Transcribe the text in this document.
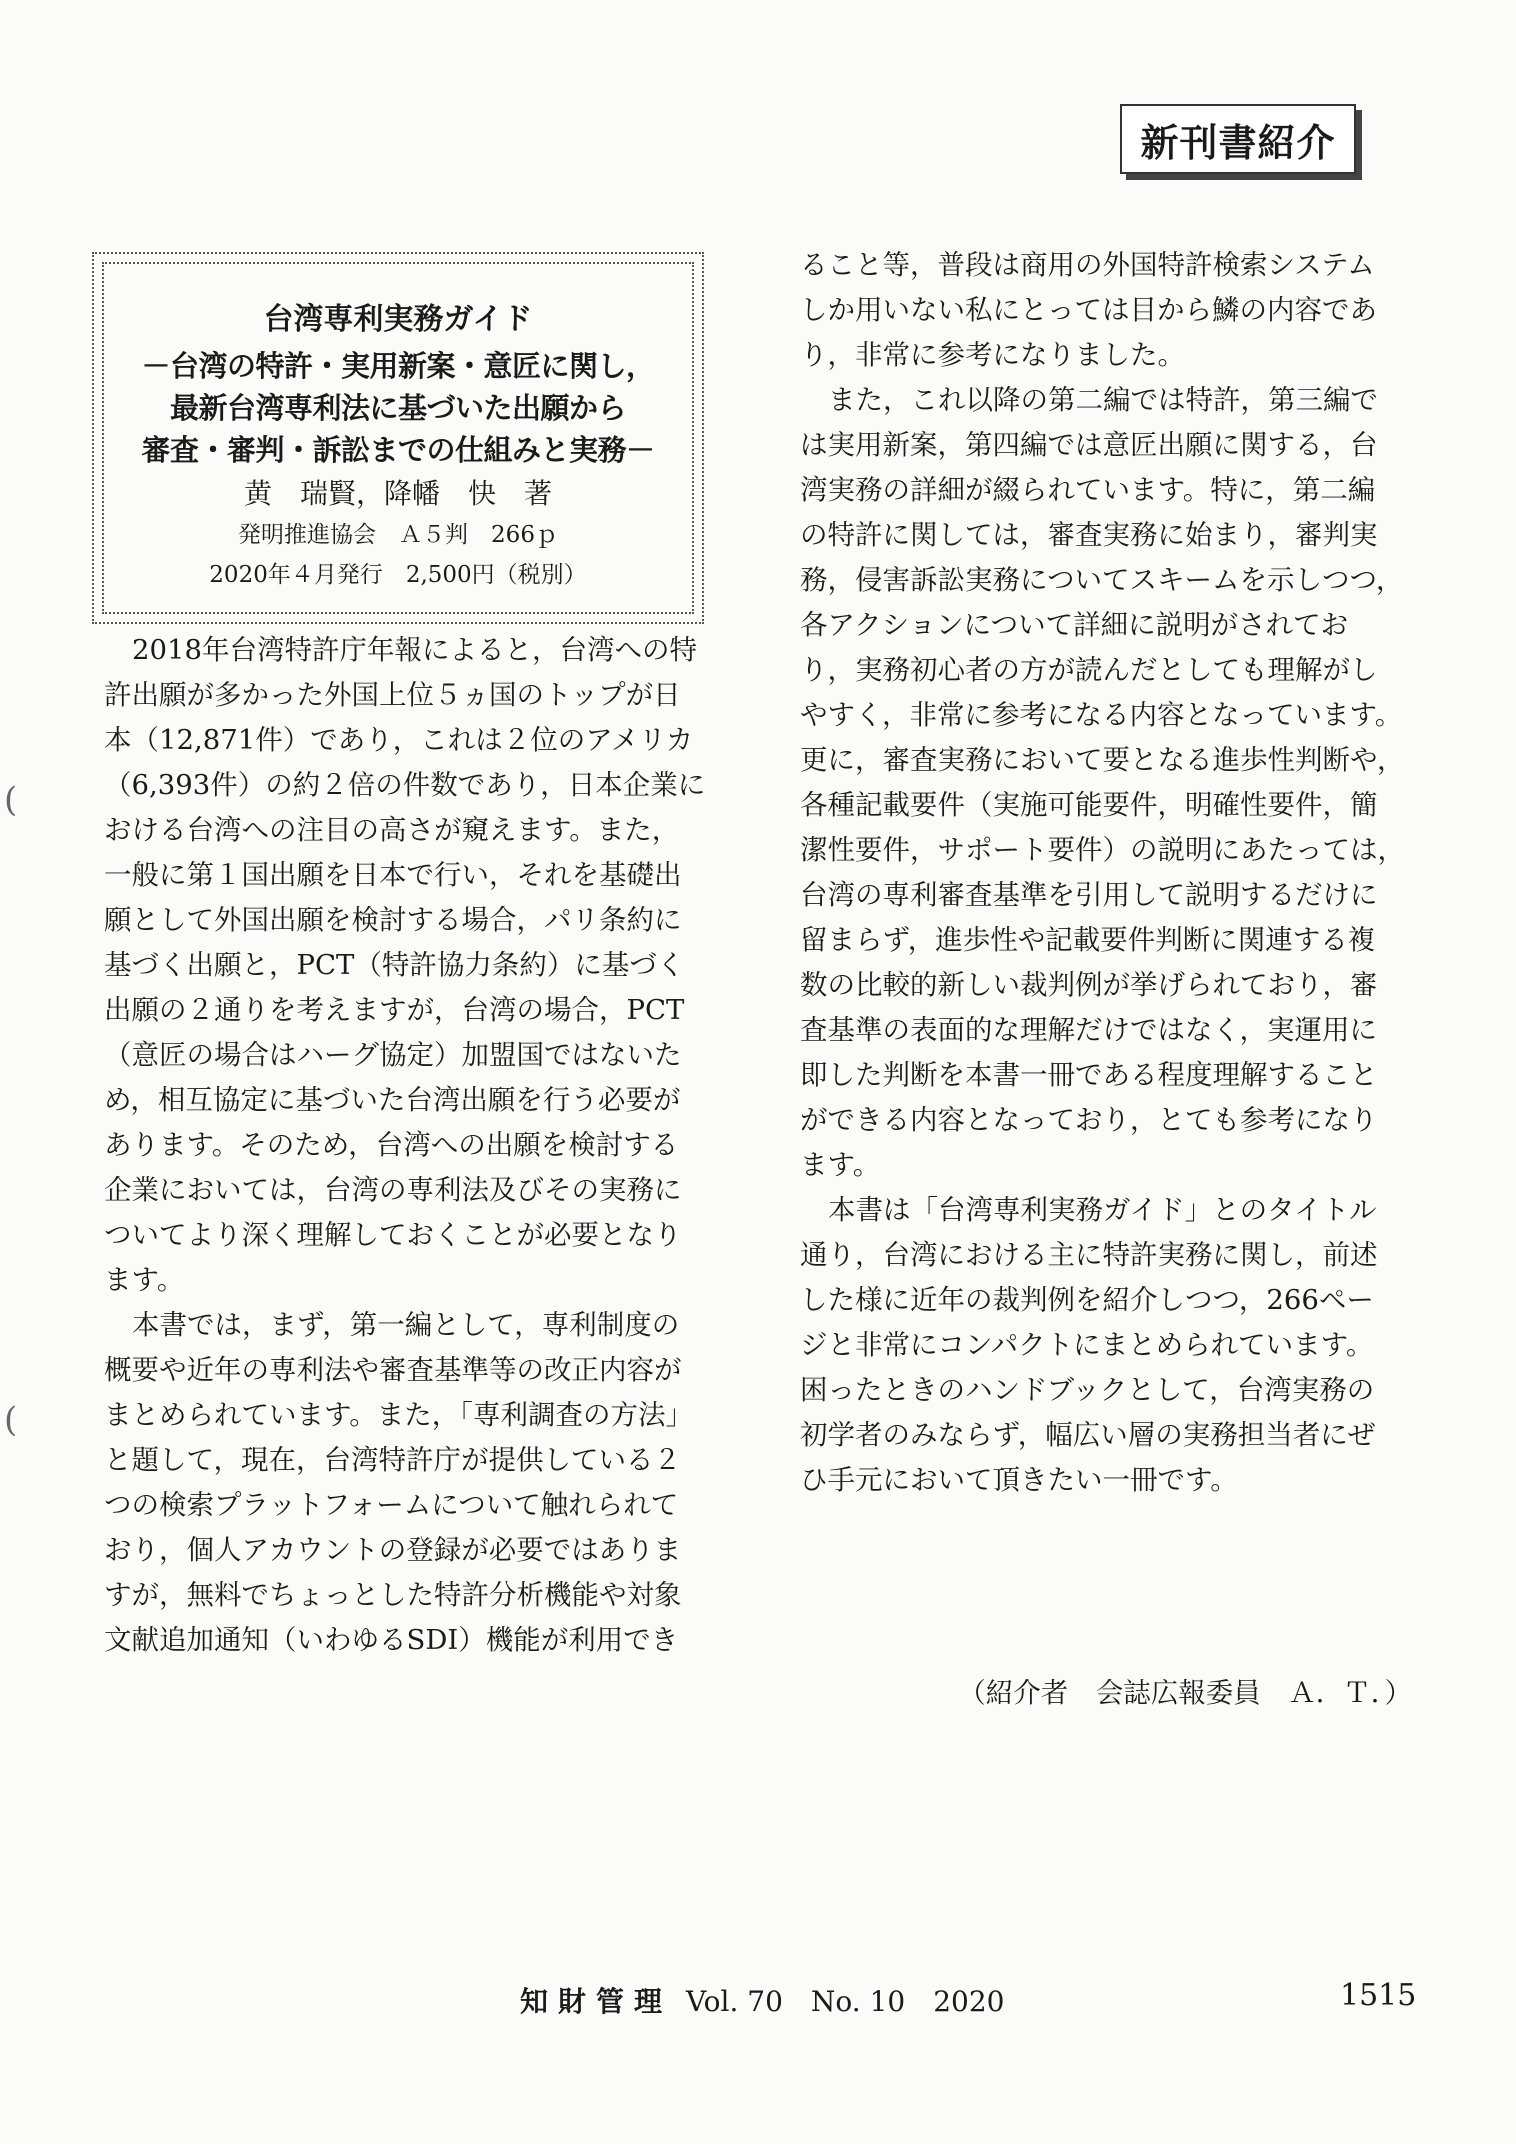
新刊書紹介
台湾専利実務ガイド
－台湾の特許・実用新案・意匠に関し，
最新台湾専利法に基づいた出願から
審査・審判・訴訟までの仕組みと実務－
黄　瑞賢，降幡　快　著
発明推進協会　Ａ５判　266ｐ
2020年４月発行　2,500円（税別）
2018年台湾特許庁年報によると，台湾への特
許出願が多かった外国上位５ヵ国のトップが日
本（12,871件）であり，これは２位のアメリカ
（6,393件）の約２倍の件数であり，日本企業に
おける台湾への注目の高さが窺えます。また，
一般に第１国出願を日本で行い，それを基礎出
願として外国出願を検討する場合，パリ条約に
基づく出願と，PCT（特許協力条約）に基づく
出願の２通りを考えますが，台湾の場合，PCT
（意匠の場合はハーグ協定）加盟国ではないた
め，相互協定に基づいた台湾出願を行う必要が
あります。そのため，台湾への出願を検討する
企業においては，台湾の専利法及びその実務に
ついてより深く理解しておくことが必要となり
ます。
本書では，まず，第一編として，専利制度の
概要や近年の専利法や審査基準等の改正内容が
まとめられています。また，「専利調査の方法」
と題して，現在，台湾特許庁が提供している２
つの検索プラットフォームについて触れられて
おり，個人アカウントの登録が必要ではありま
すが，無料でちょっとした特許分析機能や対象
文献追加通知（いわゆるSDI）機能が利用でき
ること等，普段は商用の外国特許検索システム
しか用いない私にとっては目から鱗の内容であ
り，非常に参考になりました。
また，これ以降の第二編では特許，第三編で
は実用新案，第四編では意匠出願に関する，台
湾実務の詳細が綴られています。特に，第二編
の特許に関しては，審査実務に始まり，審判実
務，侵害訴訟実務についてスキームを示しつつ，
各アクションについて詳細に説明がされてお
り，実務初心者の方が読んだとしても理解がし
やすく，非常に参考になる内容となっています。
更に，審査実務において要となる進歩性判断や，
各種記載要件（実施可能要件，明確性要件，簡
潔性要件，サポート要件）の説明にあたっては，
台湾の専利審査基準を引用して説明するだけに
留まらず，進歩性や記載要件判断に関連する複
数の比較的新しい裁判例が挙げられており，審
査基準の表面的な理解だけではなく，実運用に
即した判断を本書一冊である程度理解すること
ができる内容となっており，とても参考になり
ます。
本書は「台湾専利実務ガイド」とのタイトル
通り，台湾における主に特許実務に関し，前述
した様に近年の裁判例を紹介しつつ，266ペー
ジと非常にコンパクトにまとめられています。
困ったときのハンドブックとして，台湾実務の
初学者のみならず，幅広い層の実務担当者にぜ
ひ手元において頂きたい一冊です。
（紹介者　会誌広報委員　Ａ．Ｔ．）
知財管理 Vol. 70　No. 10　2020	1515
(
(
